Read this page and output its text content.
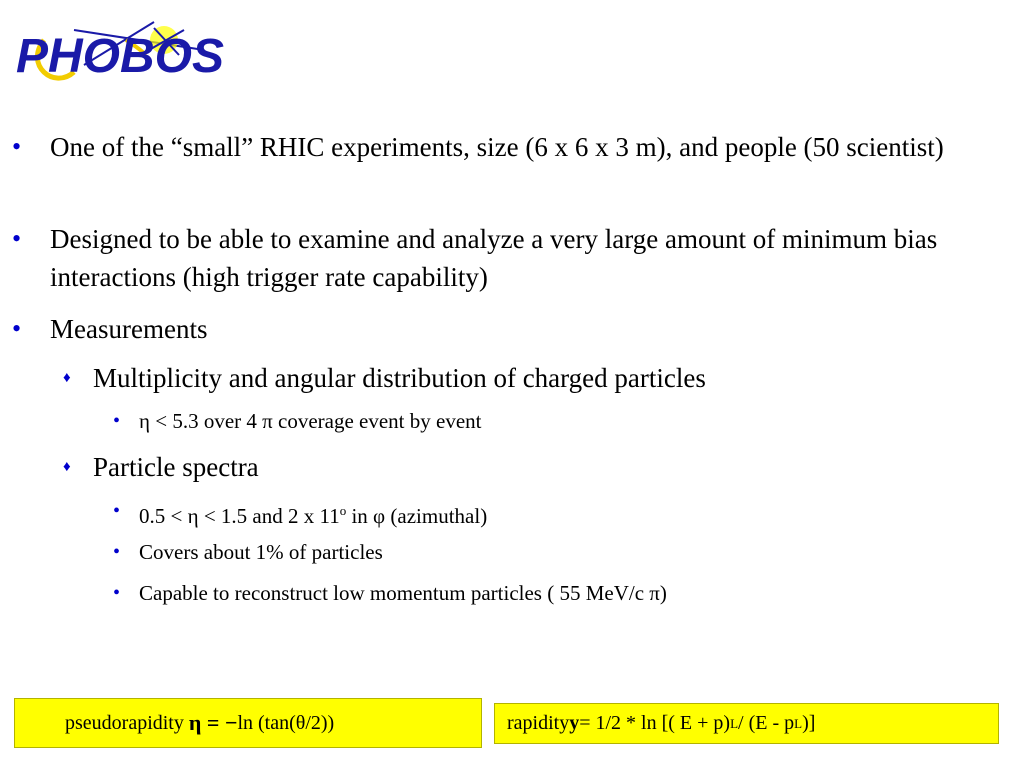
PHOBOS
• One of the “small” RHIC experiments, size (6 x 6 x 3 m), and people (50 scientist)
• Designed to be able to examine and analyze a very large amount of minimum bias interactions (high trigger rate capability)
• Measurements
♦ Multiplicity and angular distribution of charged particles
♦ Particle spectra
• η < 5.3 over 4 π coverage event by event
• 0.5 < η < 1.5 and 2 x 11$^o$ in φ (azimuthal)
• Covers about 1% of particles
• Capable to reconstruct low momentum particles ( 55 MeV/c π)
pseudorapidity
η = − ln (tan(θ/2))	rapidity y = 1/2 * ln [( E + p) L / (E - p L )]
